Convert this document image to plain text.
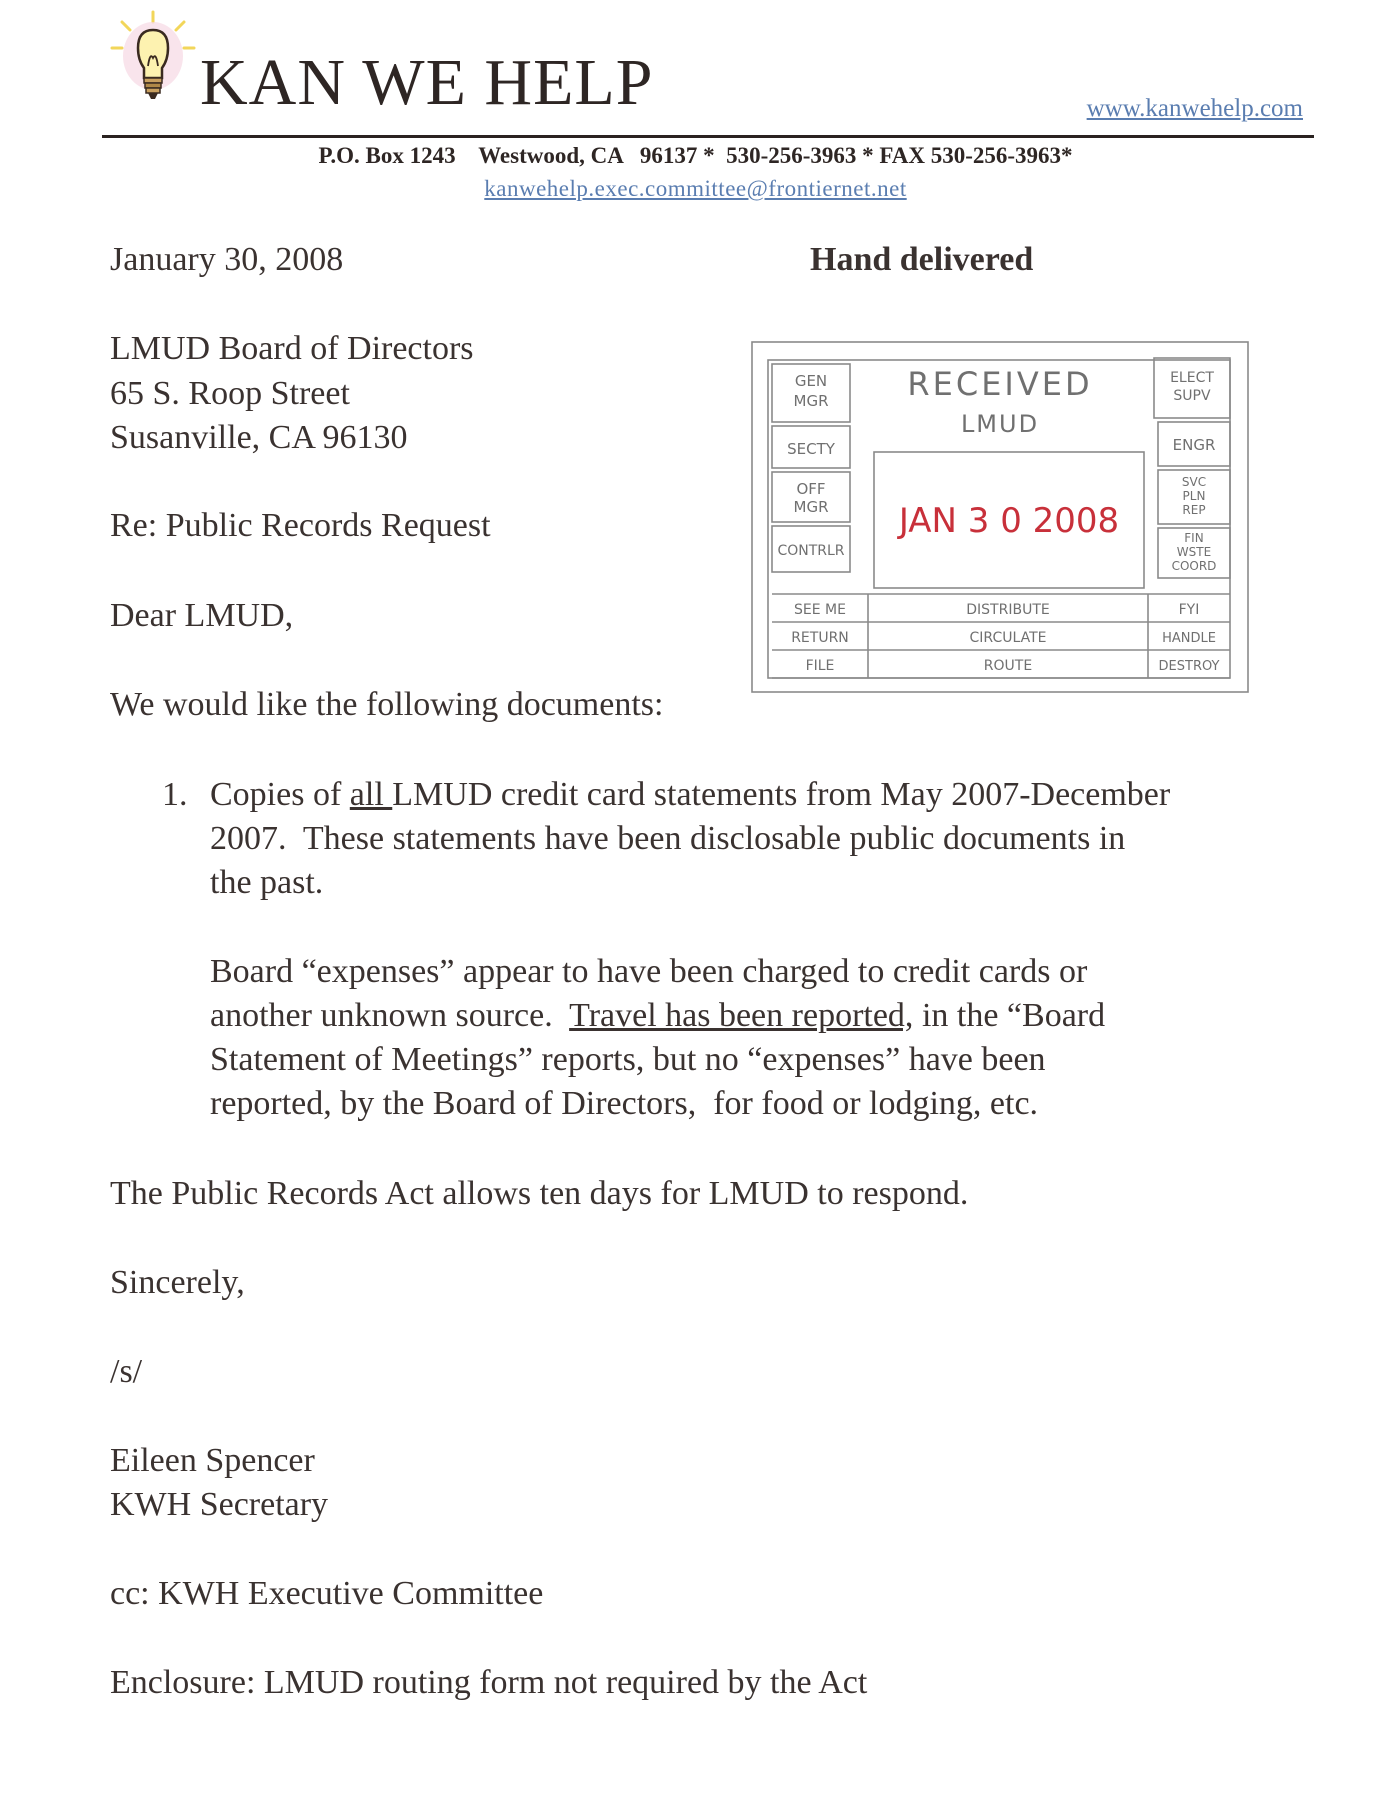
KAN WE HELP	www.kanwehelp.com
P.O. Box 1243    Westwood, CA   96137 *  530-256-3963 * FAX 530-256-3963*
kanwehelp.exec.committee@frontiernet.net
January 30, 2008	Hand delivered
LMUD Board of Directors
65 S. Roop Street
Susanville, CA 96130
Re: Public Records Request
Dear LMUD,
We would like the following documents:
1. Copies of all LMUD credit card statements from May 2007-December
2007.  These statements have been disclosable public documents in
the past.
Board “expenses” appear to have been charged to credit cards or
another unknown source.  Travel has been reported, in the “Board
Statement of Meetings” reports, but no “expenses” have been
reported, by the Board of Directors,  for food or lodging, etc.
The Public Records Act allows ten days for LMUD to respond.
Sincerely,
/s/
Eileen Spencer
KWH Secretary
cc: KWH Executive Committee
Enclosure: LMUD routing form not required by the Act
RECEIVED
LMUD
JAN 3 0 2008
GEN
MGR
SECTY
OFF
MGR
CONTRLR
ELECT
SUPV
ENGR
SVC
PLN
REP
FIN
WSTE
COORD
SEE ME
RETURN
FILE
DISTRIBUTE
CIRCULATE
ROUTE
FYI
HANDLE
DESTROY
